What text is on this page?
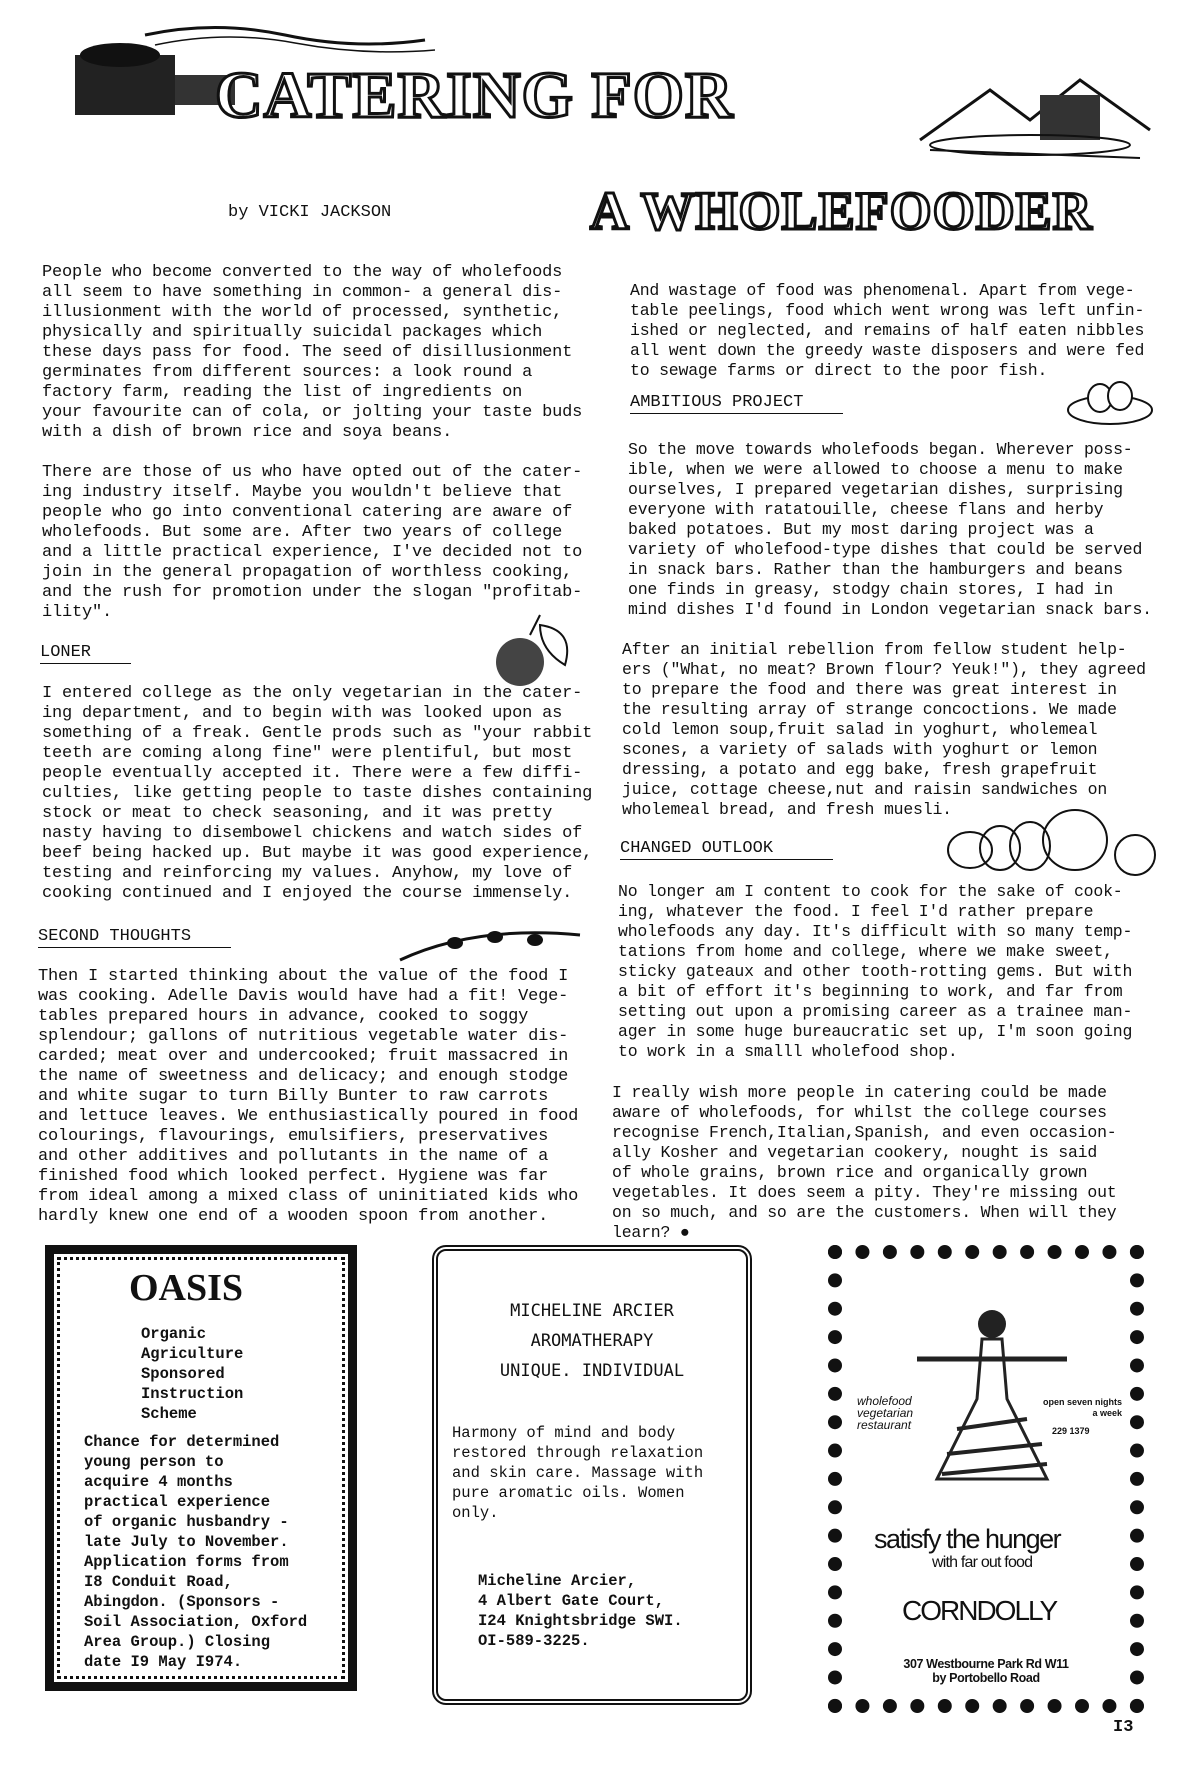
CATERING FOR
A WHOLEFOODER
by VICKI JACKSON
People who become converted to the way of wholefoods
all seem to have something in common- a general dis-
illusionment with the world of processed, synthetic,
physically and spiritually suicidal packages which
these days pass for food. The seed of disillusionment
germinates from different sources: a look round a
factory farm, reading the list of ingredients on
your favourite can of cola, or jolting your taste buds
with a dish of brown rice and soya beans.
There are those of us who have opted out of the cater-
ing industry itself. Maybe you wouldn't believe that
people who go into conventional catering are aware of
wholefoods. But some are. After two years of college
and a little practical experience, I've decided not to
join in the general propagation of worthless cooking,
and the rush for promotion under the slogan "profitab-
ility".
LONER
I entered college as the only vegetarian in the cater-
ing department, and to begin with was looked upon as
something of a freak. Gentle prods such as "your rabbit
teeth are coming along fine" were plentiful, but most
people eventually accepted it. There were a few diffi-
culties, like getting people to taste dishes containing
stock or meat to check seasoning, and it was pretty
nasty having to disembowel chickens and watch sides of
beef being hacked up. But maybe it was good experience,
testing and reinforcing my values. Anyhow, my love of
cooking continued and I enjoyed the course immensely.
SECOND THOUGHTS
Then I started thinking about the value of the food I
was cooking. Adelle Davis would have had a fit! Vege-
tables prepared hours in advance, cooked to soggy
splendour; gallons of nutritious vegetable water dis-
carded; meat over and undercooked; fruit massacred in
the name of sweetness and delicacy; and enough stodge
and white sugar to turn Billy Bunter to raw carrots
and lettuce leaves. We enthusiastically poured in food
colourings, flavourings, emulsifiers, preservatives
and other additives and pollutants in the name of a
finished food which looked perfect. Hygiene was far
from ideal among a mixed class of uninitiated kids who
hardly knew one end of a wooden spoon from another.
And wastage of food was phenomenal. Apart from vege-
table peelings, food which went wrong was left unfin-
ished or neglected, and remains of half eaten nibbles
all went down the greedy waste disposers and were fed
to sewage farms or direct to the poor fish.
AMBITIOUS PROJECT
So the move towards wholefoods began. Wherever poss-
ible, when we were allowed to choose a menu to make
ourselves, I prepared vegetarian dishes, surprising
everyone with ratatouille, cheese flans and herby
baked potatoes. But my most daring project was a
variety of wholefood-type dishes that could be served
in snack bars. Rather than the hamburgers and beans
one finds in greasy, stodgy chain stores, I had in
mind dishes I'd found in London vegetarian snack bars.
After an initial rebellion from fellow student help-
ers ("What, no meat? Brown flour? Yeuk!"), they agreed
to prepare the food and there was great interest in
the resulting array of strange concoctions. We made
cold lemon soup,fruit salad in yoghurt, wholemeal
scones, a variety of salads with yoghurt or lemon
dressing, a potato and egg bake, fresh grapefruit
juice, cottage cheese,nut and raisin sandwiches on
wholemeal bread, and fresh muesli.
CHANGED OUTLOOK
No longer am I content to cook for the sake of cook-
ing, whatever the food. I feel I'd rather prepare
wholefoods any day. It's difficult with so many temp-
tations from home and college, where we make sweet,
sticky gateaux and other tooth-rotting gems. But with
a bit of effort it's beginning to work, and far from
setting out upon a promising career as a trainee man-
ager in some huge bureaucratic set up, I'm soon going
to work in a smalll wholefood shop.
I really wish more people in catering could be made
aware of wholefoods, for whilst the college courses
recognise French,Italian,Spanish, and even occasion-
ally Kosher and vegetarian cookery, nought is said
of whole grains, brown rice and organically grown
vegetables. It does seem a pity. They're missing out
on so much, and so are the customers. When will they
learn? ●
OASIS
Organic
Agriculture
Sponsored
Instruction
Scheme
Chance for determined
young person to
acquire 4 months
practical experience
of organic husbandry -
late July to November.
Application forms from
I8 Conduit Road,
Abingdon. (Sponsors -
Soil Association, Oxford
Area Group.) Closing
date I9 May I974.
MICHELINE ARCIER
AROMATHERAPY
UNIQUE. INDIVIDUAL
Harmony of mind and body
restored through relaxation
and skin care. Massage with
pure aromatic oils. Women
only.
Micheline Arcier,
4 Albert Gate Court,
I24 Knightsbridge SWI.
OI-589-3225.
wholefood
vegetarian
restaurant
open seven nights
a week
229 1379
satisfy the hunger
with far out food
CORNDOLLY
307 Westbourne Park Rd W11
by Portobello Road
I3
